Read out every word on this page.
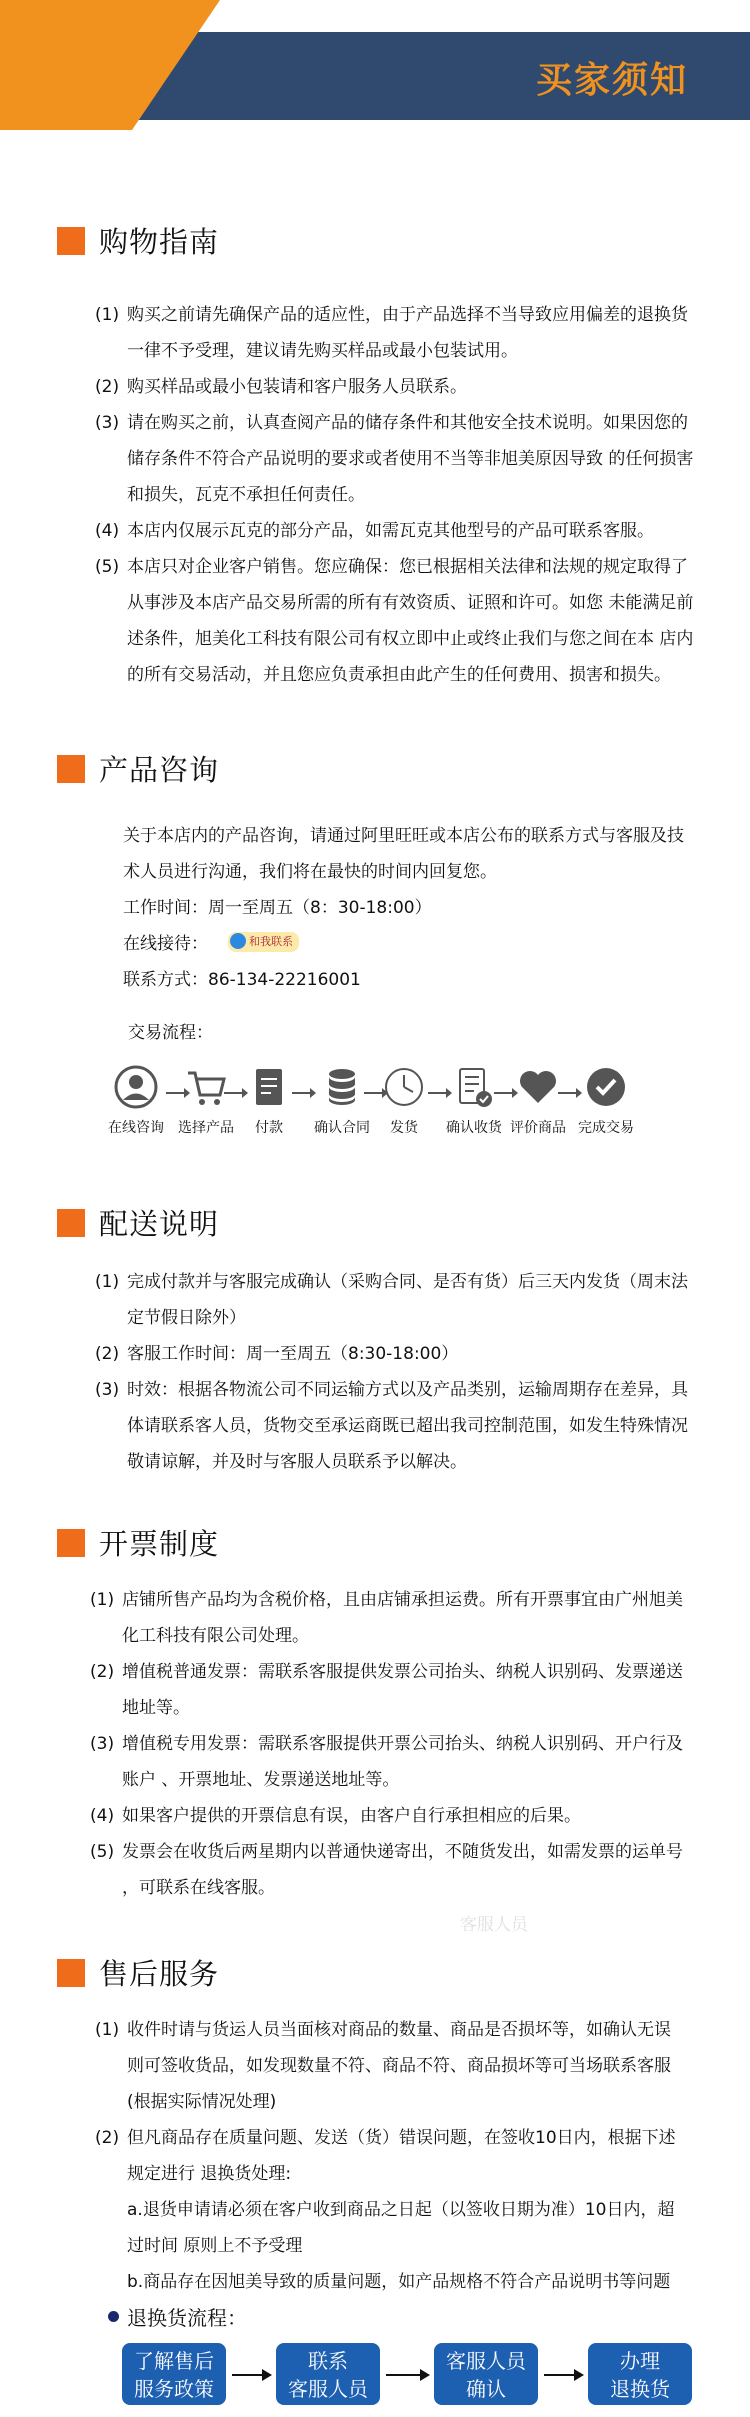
买家须知
购物指南
(1) 购买之前请先确保产品的适应性，由于产品选择不当导致应用偏差的退换货
一律不予受理，建议请先购买样品或最小包装试用。
(2) 购买样品或最小包装请和客户服务人员联系。
(3) 请在购买之前，认真查阅产品的储存条件和其他安全技术说明。如果因您的
储存条件不符合产品说明的要求或者使用不当等非旭美原因导致 的任何损害
和损失，瓦克不承担任何责任。
(4) 本店内仅展示瓦克的部分产品，如需瓦克其他型号的产品可联系客服。
(5) 本店只对企业客户销售。您应确保：您已根据相关法律和法规的规定取得了
从事涉及本店产品交易所需的所有有效资质、证照和许可。如您 未能满足前
述条件，旭美化工科技有限公司有权立即中止或终止我们与您之间在本 店内
的所有交易活动，并且您应负责承担由此产生的任何费用、损害和损失。
产品咨询
关于本店内的产品咨询，请通过阿里旺旺或本店公布的联系方式与客服及技
术人员进行沟通，我们将在最快的时间内回复您。
工作时间：周一至周五（8：30-18:00）
在线接待：	和我联系
联系方式：86-134-22216001
交易流程：
在线咨询	选择产品	付款	确认合同	发货	确认收货 评价商品 完成交易
配送说明
(1) 完成付款并与客服完成确认（采购合同、是否有货）后三天内发货（周末法
定节假日除外）
(2) 客服工作时间：周一至周五（8:30-18:00）
(3) 时效：根据各物流公司不同运输方式以及产品类别，运输周期存在差异，具
体请联系客人员，货物交至承运商既已超出我司控制范围，如发生特殊情况
敬请谅解，并及时与客服人员联系予以解决。
开票制度
(1) 店铺所售产品均为含税价格，且由店铺承担运费。所有开票事宜由广州旭美
化工科技有限公司处理。
(2) 增值税普通发票：需联系客服提供发票公司抬头、纳税人识别码、发票递送
地址等。
(3) 增值税专用发票：需联系客服提供开票公司抬头、纳税人识别码、开户行及
账户 、开票地址、发票递送地址等。
(4) 如果客户提供的开票信息有误，由客户自行承担相应的后果。
(5) 发票会在收货后两星期内以普通快递寄出，不随货发出，如需发票的运单号
，可联系在线客服。
客服人员
售后服务
(1) 收件时请与货运人员当面核对商品的数量、商品是否损坏等，如确认无误
则可签收货品，如发现数量不符、商品不符、商品损坏等可当场联系客服
(根据实际情况处理)
(2) 但凡商品存在质量问题、发送（货）错误问题，在签收10日内，根据下述
规定进行 退换货处理:
a.退货申请请必须在客户收到商品之日起（以签收日期为准）10日内，超
过时间 原则上不予受理
b.商品存在因旭美导致的质量问题，如产品规格不符合产品说明书等问题
退换货流程：
了解售后
服务政策
联系
客服人员
客服人员
确认
办理
退换货
